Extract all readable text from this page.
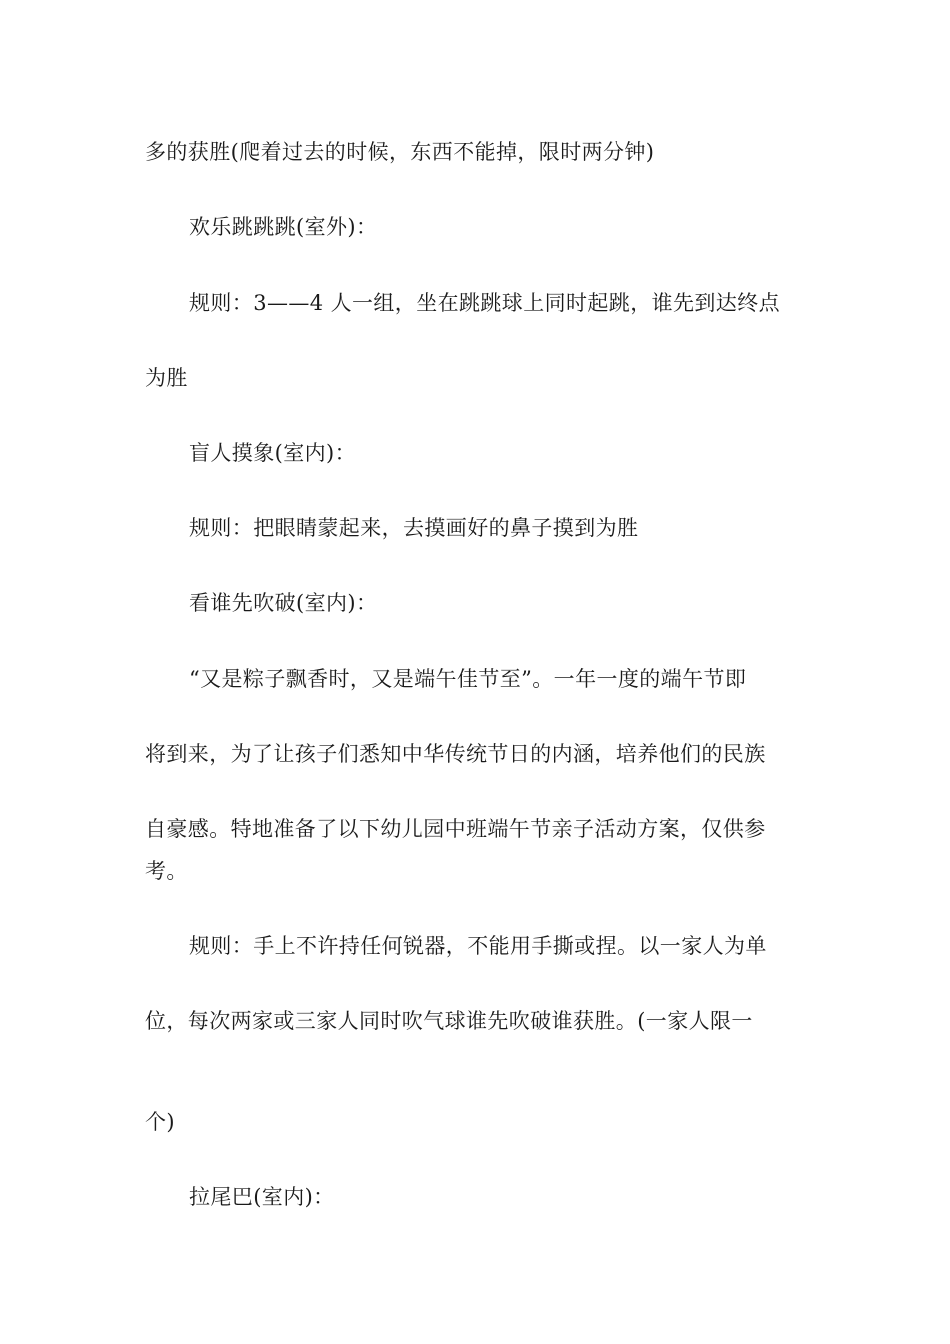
多的获胜(爬着过去的时候，东西不能掉，限时两分钟)
欢乐跳跳跳(室外)：
规则：3——4 人一组，坐在跳跳球上同时起跳，谁先到达终点
为胜
盲人摸象(室内)：
规则：把眼睛蒙起来，去摸画好的鼻子摸到为胜
看谁先吹破(室内)：
“又是粽子飘香时，又是端午佳节至”。一年一度的端午节即
将到来，为了让孩子们悉知中华传统节日的内涵，培养他们的民族
自豪感。特地准备了以下幼儿园中班端午节亲子活动方案，仅供参
考。
规则：手上不许持任何锐器，不能用手撕或捏。以一家人为单
位，每次两家或三家人同时吹气球谁先吹破谁获胜。(一家人限一
个)
拉尾巴(室内)：
